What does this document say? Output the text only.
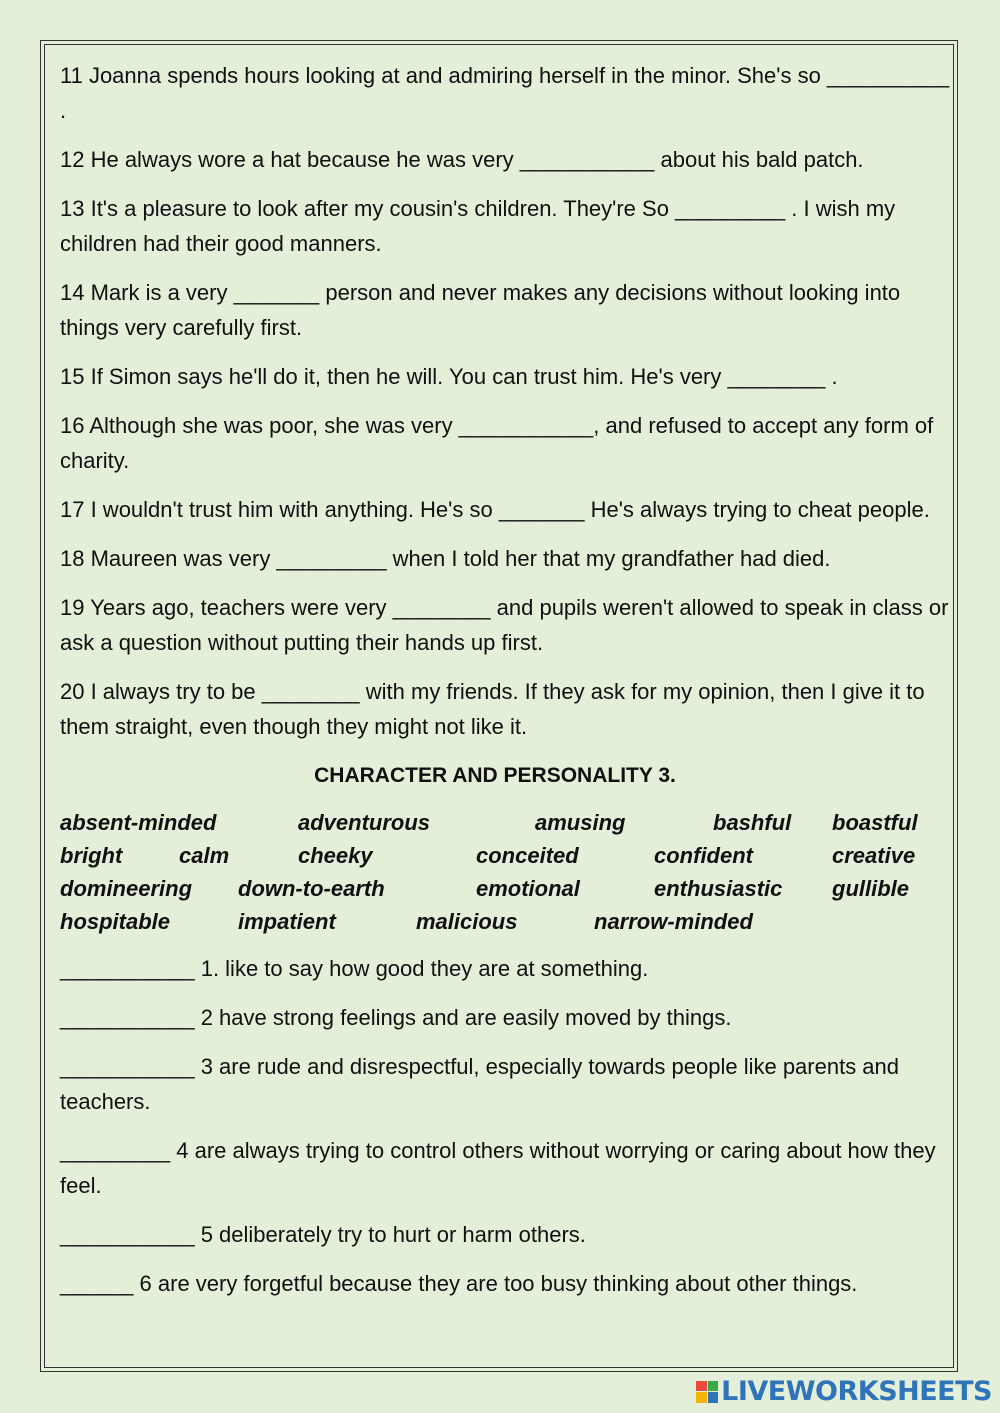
11 Joanna spends hours looking at and admiring herself in the minor. She's so __________ .

12 He always wore a hat because he was very ___________ about his bald patch.

13 It's a pleasure to look after my cousin's children. They're So _________ . I wish my children had their good manners.

14 Mark is a very _______ person and never makes any decisions without looking into things very carefully first.

15 If Simon says he'll do it, then he will. You can trust him. He's very ________ .

16 Although she was poor, she was very ___________, and refused to accept any form of charity.

17 I wouldn't trust him with anything. He's so _______ He's always trying to cheat people.

18 Maureen was very _________ when I told her that my grandfather had died.

19 Years ago, teachers were very ________ and pupils weren't allowed to speak in class or ask a question without putting their hands up first.

20 I always try to be ________ with my friends. If they ask for my opinion, then I give it to them straight, even though they might not like it.

CHARACTER AND PERSONALITY 3.
absent-minded	adventurous	amusing	bashful boastful
bright	calm	cheeky	conceited	confident	creative
domineering down-to-earth	emotional	enthusiastic gullible
hospitable	impatient	malicious	narrow-minded

___________ 1. like to say how good they are at something.

___________ 2 have strong feelings and are easily moved by things.

___________ 3 are rude and disrespectful, especially towards people like parents and teachers.

_________ 4 are always trying to control others without worrying or caring about how they feel.

___________ 5 deliberately try to hurt or harm others.

______ 6 are very forgetful because they are too busy thinking about other things.

LIVEWORKSHEETS
